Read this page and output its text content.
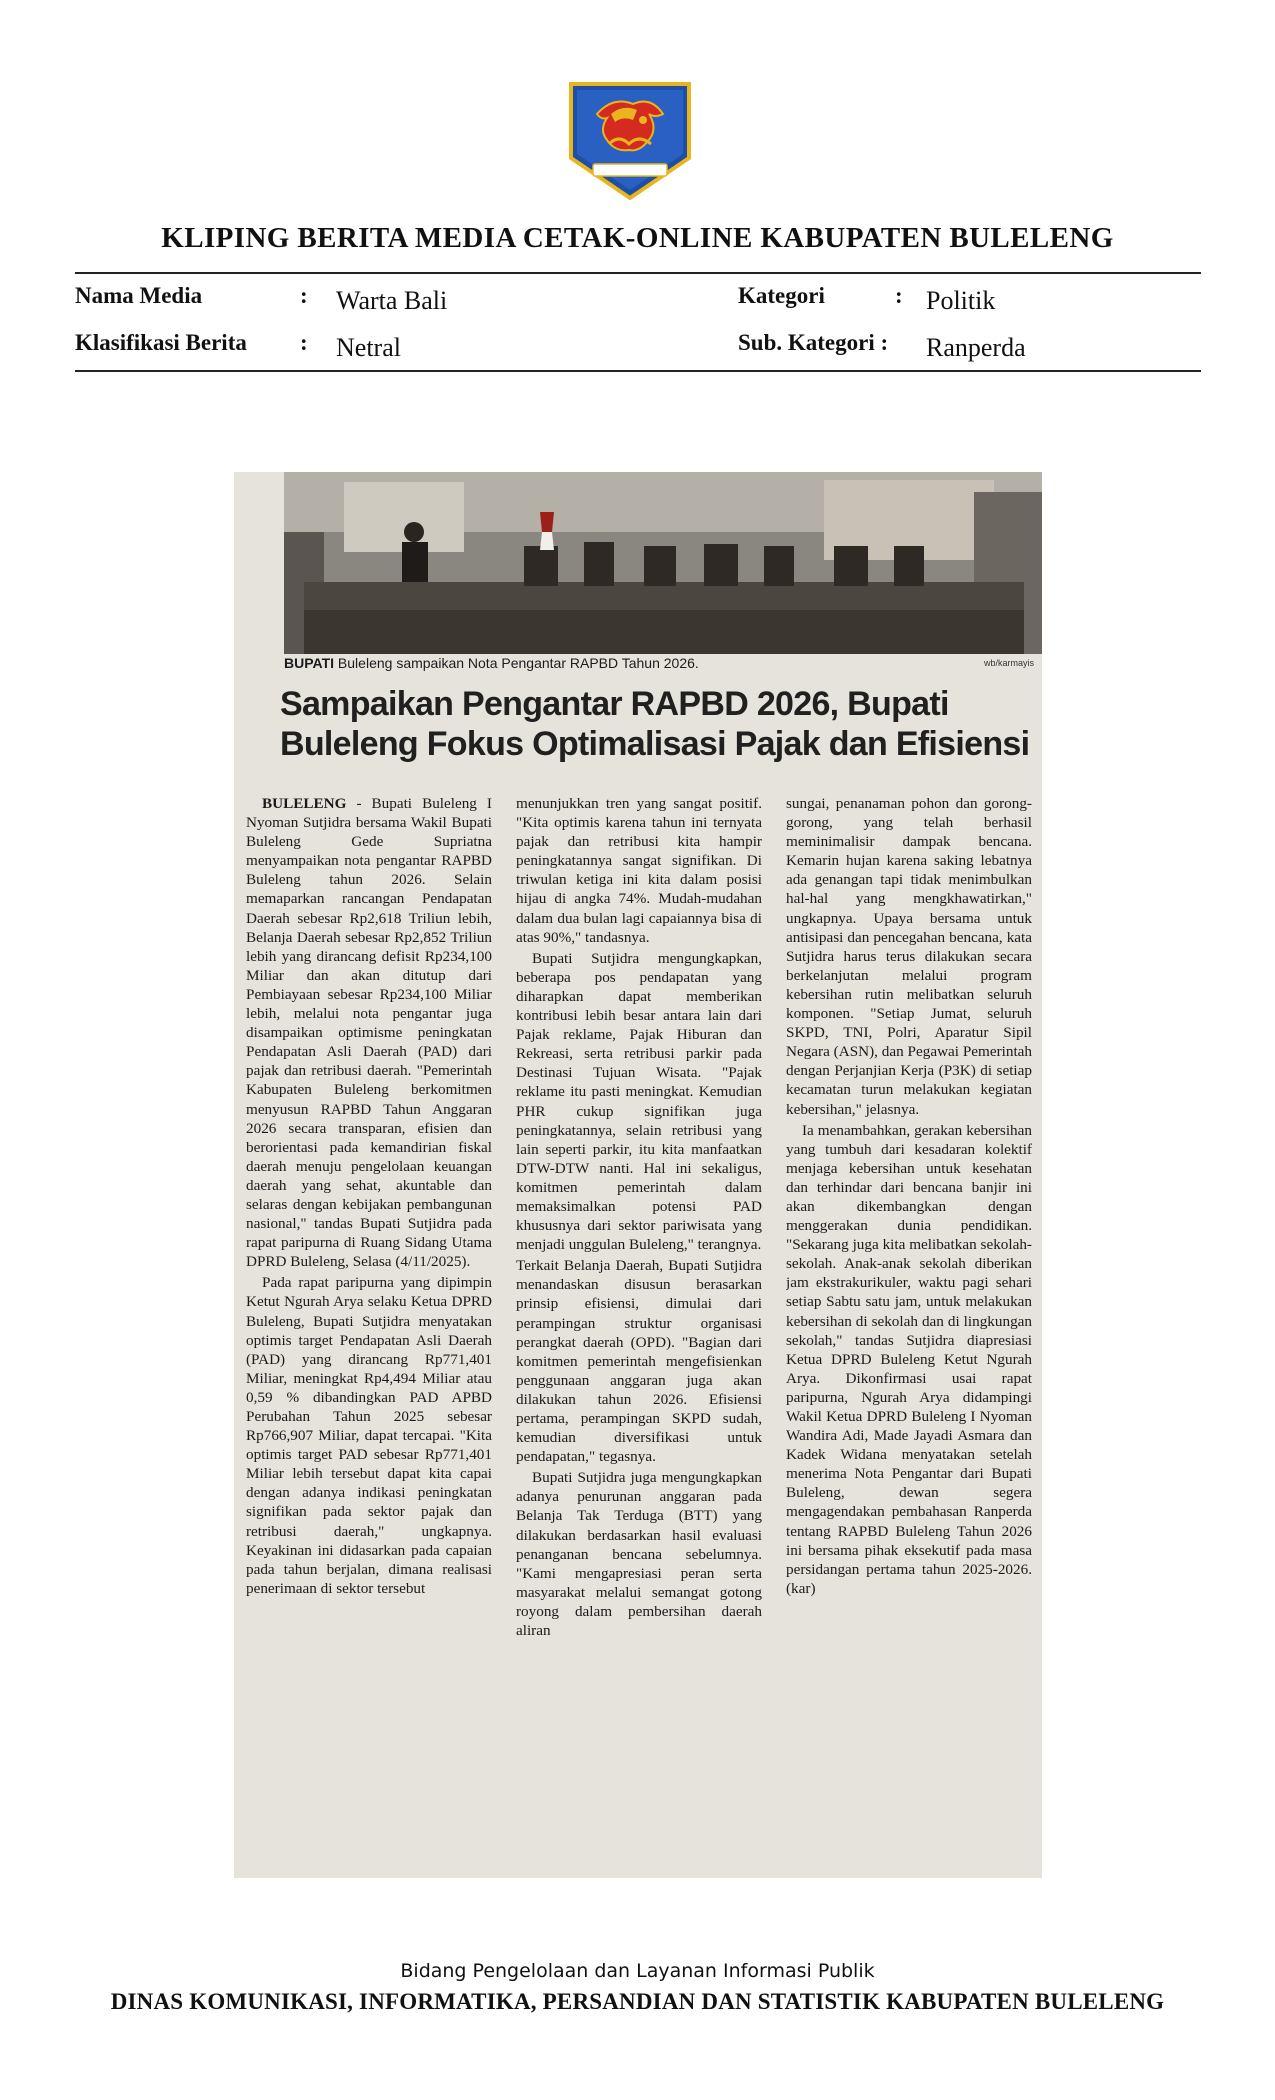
KLIPING BERITA MEDIA CETAK-ONLINE KABUPATEN BULELENG
Nama Media	: Warta Bali	Kategori	: Politik
Klasifikasi Berita : Netral	Sub. Kategori : Ranperda
BUPATI Buleleng sampaikan Nota Pengantar RAPBD Tahun 2026.	wb/karmayis
Sampaikan Pengantar RAPBD 2026, Bupati
Buleleng Fokus Optimalisasi Pajak dan Efisiensi

BULELENG - Bupati Buleleng I Nyoman Sutjidra bersama Wakil Bupati Buleleng Gede Supriatna menyampaikan nota pengantar RAPBD Buleleng tahun 2026. Selain memaparkan rancangan Pendapatan Daerah sebesar Rp2,618 Triliun lebih, Belanja Daerah sebesar Rp2,852 Triliun lebih yang dirancang defisit Rp234,100 Miliar dan akan ditutup dari Pembiayaan sebesar Rp234,100 Miliar lebih, melalui nota pengantar juga disampaikan optimisme peningkatan Pendapatan Asli Daerah (PAD) dari pajak dan retribusi daerah. "Pemerintah Kabupaten Buleleng berkomitmen menyusun RAPBD Tahun Anggaran 2026 secara transparan, efisien dan berorientasi pada kemandirian fiskal daerah menuju pengelolaan keuangan daerah yang sehat, akuntable dan selaras dengan kebijakan pembangunan nasional," tandas Bupati Sutjidra pada rapat paripurna di Ruang Sidang Utama DPRD Buleleng, Selasa (4/11/2025).

Pada rapat paripurna yang dipimpin Ketut Ngurah Arya selaku Ketua DPRD Buleleng, Bupati Sutjidra menyatakan optimis target Pendapatan Asli Daerah (PAD) yang dirancang Rp771,401 Miliar, meningkat Rp4,494 Miliar atau 0,59 % dibandingkan PAD APBD Perubahan Tahun 2025 sebesar Rp766,907 Miliar, dapat tercapai. "Kita optimis target PAD sebesar Rp771,401 Miliar lebih tersebut dapat kita capai dengan adanya indikasi peningkatan signifikan pada sektor pajak dan retribusi daerah," ungkapnya. Keyakinan ini didasarkan pada capaian pada tahun berjalan, dimana realisasi penerimaan di sektor tersebut

menunjukkan tren yang sangat positif. "Kita optimis karena tahun ini ternyata pajak dan retribusi kita hampir peningkatannya sangat signifikan. Di triwulan ketiga ini kita dalam posisi hijau di angka 74%. Mudah-mudahan dalam dua bulan lagi capaiannya bisa di atas 90%," tandasnya.

Bupati Sutjidra mengungkapkan, beberapa pos pendapatan yang diharapkan dapat memberikan kontribusi lebih besar antara lain dari Pajak reklame, Pajak Hiburan dan Rekreasi, serta retribusi parkir pada Destinasi Tujuan Wisata. "Pajak reklame itu pasti meningkat. Kemudian PHR cukup signifikan juga peningkatannya, selain retribusi yang lain seperti parkir, itu kita manfaatkan DTW-DTW nanti. Hal ini sekaligus, komitmen pemerintah dalam memaksimalkan potensi PAD khususnya dari sektor pariwisata yang menjadi unggulan Buleleng," terangnya.

Terkait Belanja Daerah, Bupati Sutjidra menandaskan disusun berasarkan prinsip efisiensi, dimulai dari perampingan struktur organisasi perangkat daerah (OPD). "Bagian dari komitmen pemerintah mengefisienkan penggunaan anggaran juga akan dilakukan tahun 2026. Efisiensi pertama, perampingan SKPD sudah, kemudian diversifikasi untuk pendapatan," tegasnya.

Bupati Sutjidra juga mengungkapkan adanya penurunan anggaran pada Belanja Tak Terduga (BTT) yang dilakukan berdasarkan hasil evaluasi penanganan bencana sebelumnya. "Kami mengapresiasi peran serta masyarakat melalui semangat gotong royong dalam pembersihan daerah aliran

sungai, penanaman pohon dan gorong-gorong, yang telah berhasil meminimalisir dampak bencana. Kemarin hujan karena saking lebatnya ada genangan tapi tidak menimbulkan hal-hal yang mengkhawatirkan," ungkapnya. Upaya bersama untuk antisipasi dan pencegahan bencana, kata Sutjidra harus terus dilakukan secara berkelanjutan melalui program kebersihan rutin melibatkan seluruh komponen. "Setiap Jumat, seluruh SKPD, TNI, Polri, Aparatur Sipil Negara (ASN), dan Pegawai Pemerintah dengan Perjanjian Kerja (P3K) di setiap kecamatan turun melakukan kegiatan kebersihan," jelasnya.

Ia menambahkan, gerakan kebersihan yang tumbuh dari kesadaran kolektif menjaga kebersihan untuk kesehatan dan terhindar dari bencana banjir ini akan dikembangkan dengan menggerakan dunia pendidikan. "Sekarang juga kita melibatkan sekolah-sekolah. Anak-anak sekolah diberikan jam ekstrakurikuler, waktu pagi sehari setiap Sabtu satu jam, untuk melakukan kebersihan di sekolah dan di lingkungan sekolah," tandas Sutjidra diapresiasi Ketua DPRD Buleleng Ketut Ngurah Arya. Dikonfirmasi usai rapat paripurna, Ngurah Arya didampingi Wakil Ketua DPRD Buleleng I Nyoman Wandira Adi, Made Jayadi Asmara dan Kadek Widana menyatakan setelah menerima Nota Pengantar dari Bupati Buleleng, dewan segera mengagendakan pembahasan Ranperda tentang RAPBD Buleleng Tahun 2026 ini bersama pihak eksekutif pada masa persidangan pertama tahun 2025-2026. (kar)

Bidang Pengelolaan dan Layanan Informasi Publik
DINAS KOMUNIKASI, INFORMATIKA, PERSANDIAN DAN STATISTIK KABUPATEN BULELENG
